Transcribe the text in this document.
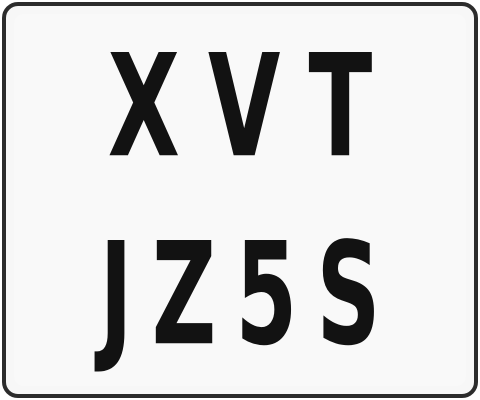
XVT
JZ5S
